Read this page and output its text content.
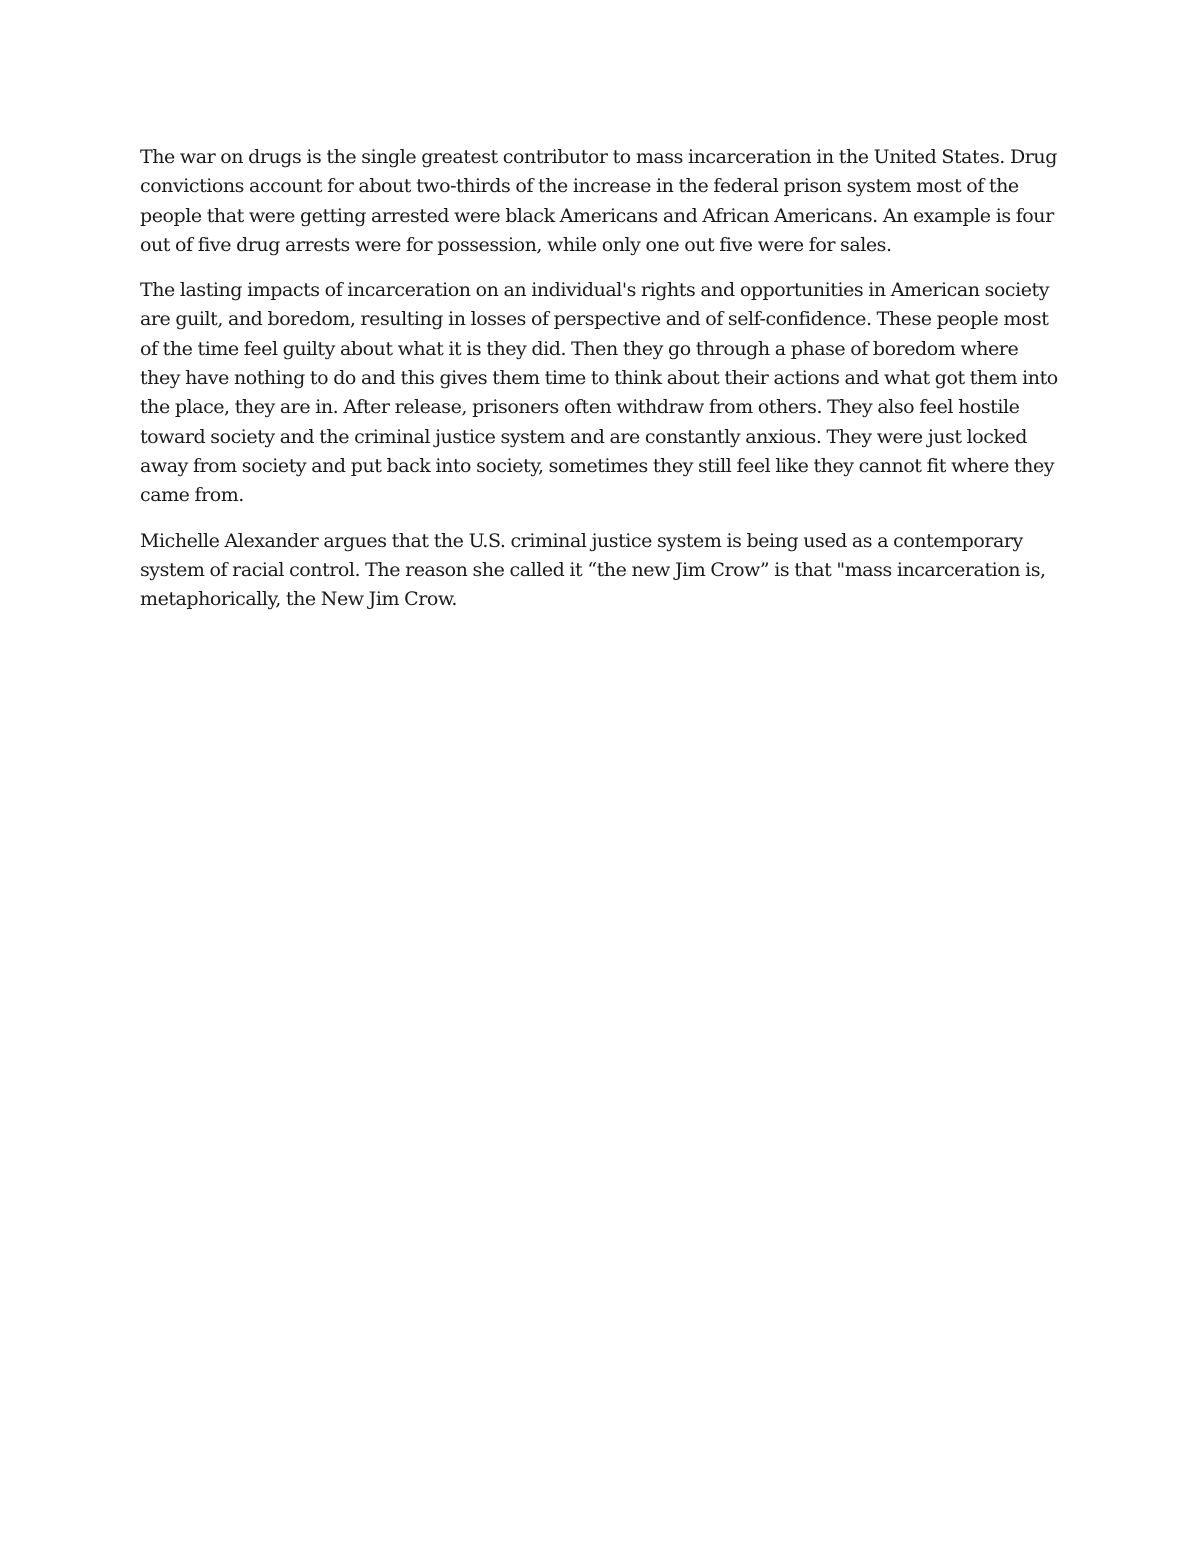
The war on drugs is the single greatest contributor to mass incarceration in the United States. Drug convictions account for about two-thirds of the increase in the federal prison system most of the people that were getting arrested were black Americans and African Americans. An example is four out of five drug arrests were for possession, while only one out five were for sales.

The lasting impacts of incarceration on an individual's rights and opportunities in American society are guilt, and boredom, resulting in losses of perspective and of self-confidence. These people most of the time feel guilty about what it is they did. Then they go through a phase of boredom where they have nothing to do and this gives them time to think about their actions and what got them into the place, they are in. After release, prisoners often withdraw from others. They also feel hostile toward society and the criminal justice system and are constantly anxious. They were just locked away from society and put back into society, sometimes they still feel like they cannot fit where they came from.

Michelle Alexander argues that the U.S. criminal justice system is being used as a contemporary system of racial control. The reason she called it “the new Jim Crow” is that "mass incarceration is, metaphorically, the New Jim Crow.
